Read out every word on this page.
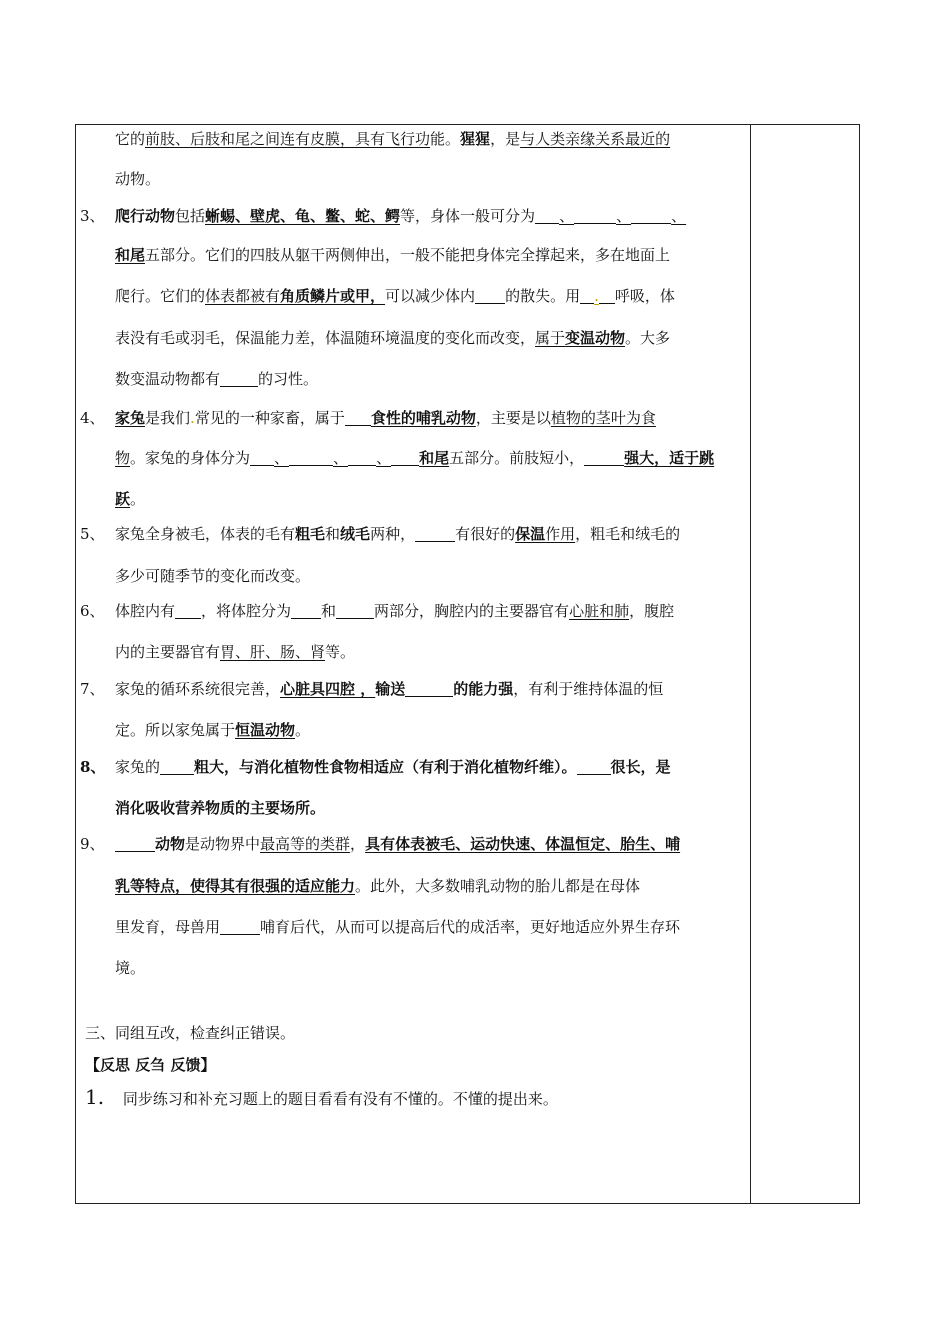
它的前肢、后肢和尾之间连有皮膜，具有飞行功能。猩猩，是与人类亲缘关系最近的
动物。
3、 爬行动物包括蜥蜴、壁虎、龟、鳖、蛇、鳄等，身体一般可分为 、	、	、
和尾五部分。它们的四肢从躯干两侧伸出，一般不能把身体完全撑起来，多在地面上
爬行。它们的体表都被有角质鳞片或甲，可以减少体内 的散失。用 . 呼吸，体
表没有毛或羽毛，保温能力差，体温随环境温度的变化而改变，属于变温动物。大多
数变温动物都有	的习性。
4、 家兔是我们.常见的一种家畜，属于 食性的哺乳动物，主要是以植物的茎叶为食
物。家兔的身体分为 、	、 、 和尾五部分。前肢短小，	强大，适于跳
跃。
5、 家兔全身被毛，体表的毛有粗毛和绒毛两种，	有很好的保温作用，粗毛和绒毛的
多少可随季节的变化而改变。
6、 体腔内有 ，将体腔分为 和	两部分，胸腔内的主要器官有心脏和肺，腹腔
内的主要器官有胃、肝、肠、肾等。
7、 家兔的循环系统很完善，心脏具四腔 ，输送	的能力强，有利于维持体温的恒
定。所以家兔属于恒温动物。
8、 家兔的 粗大，与消化植物性食物相适应（有利于消化植物纤维）。 很长，是
消化吸收营养物质的主要场所。
9、	动物是动物界中最高等的类群，具有体表被毛、运动快速、体温恒定、胎生、哺
乳等特点，使得其有很强的适应能力。此外，大多数哺乳动物的胎儿都是在母体
里发育，母兽用	哺育后代，从而可以提高后代的成活率，更好地适应外界生存环
境。
三、同组互改，检查纠正错误。
【反思 反刍 反馈】
1. 同步练习和补充习题上的题目看看有没有不懂的。不懂的提出来。
